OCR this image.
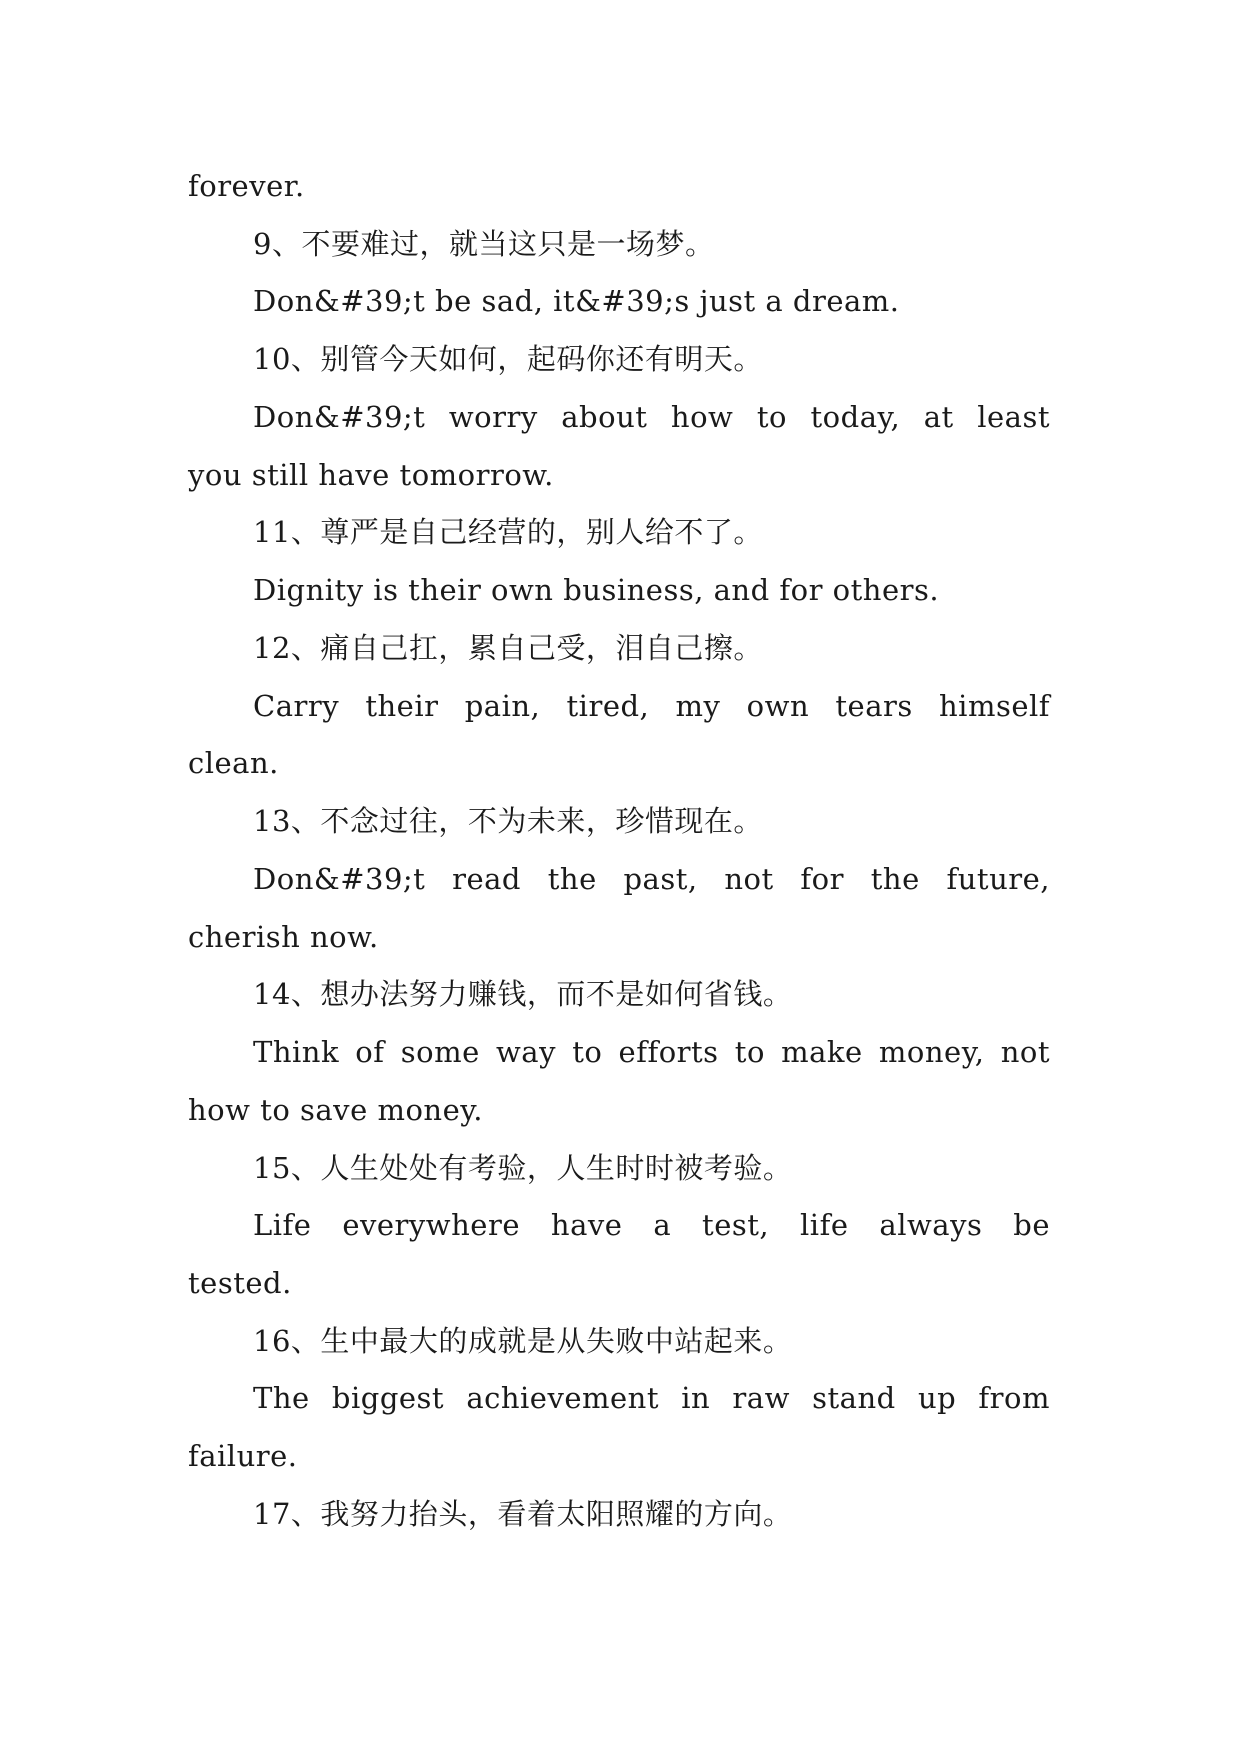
forever.
9、不要难过，就当这只是一场梦。
Don&#39;t be sad, it&#39;s just a dream.
10、别管今天如何，起码你还有明天。
Don&#39;t worry about how to today, at least
you still have tomorrow.
11、尊严是自己经营的，别人给不了。
Dignity is their own business, and for others.
12、痛自己扛，累自己受，泪自己擦。
Carry their pain, tired, my own tears himself
clean.
13、不念过往，不为未来，珍惜现在。
Don&#39;t read the past, not for the future,
cherish now.
14、想办法努力赚钱，而不是如何省钱。
Think of some way to efforts to make money, not
how to save money.
15、人生处处有考验，人生时时被考验。
Life everywhere have a test, life always be
tested.
16、生中最大的成就是从失败中站起来。
The biggest achievement in raw stand up from
failure.
17、我努力抬头，看着太阳照耀的方向。
